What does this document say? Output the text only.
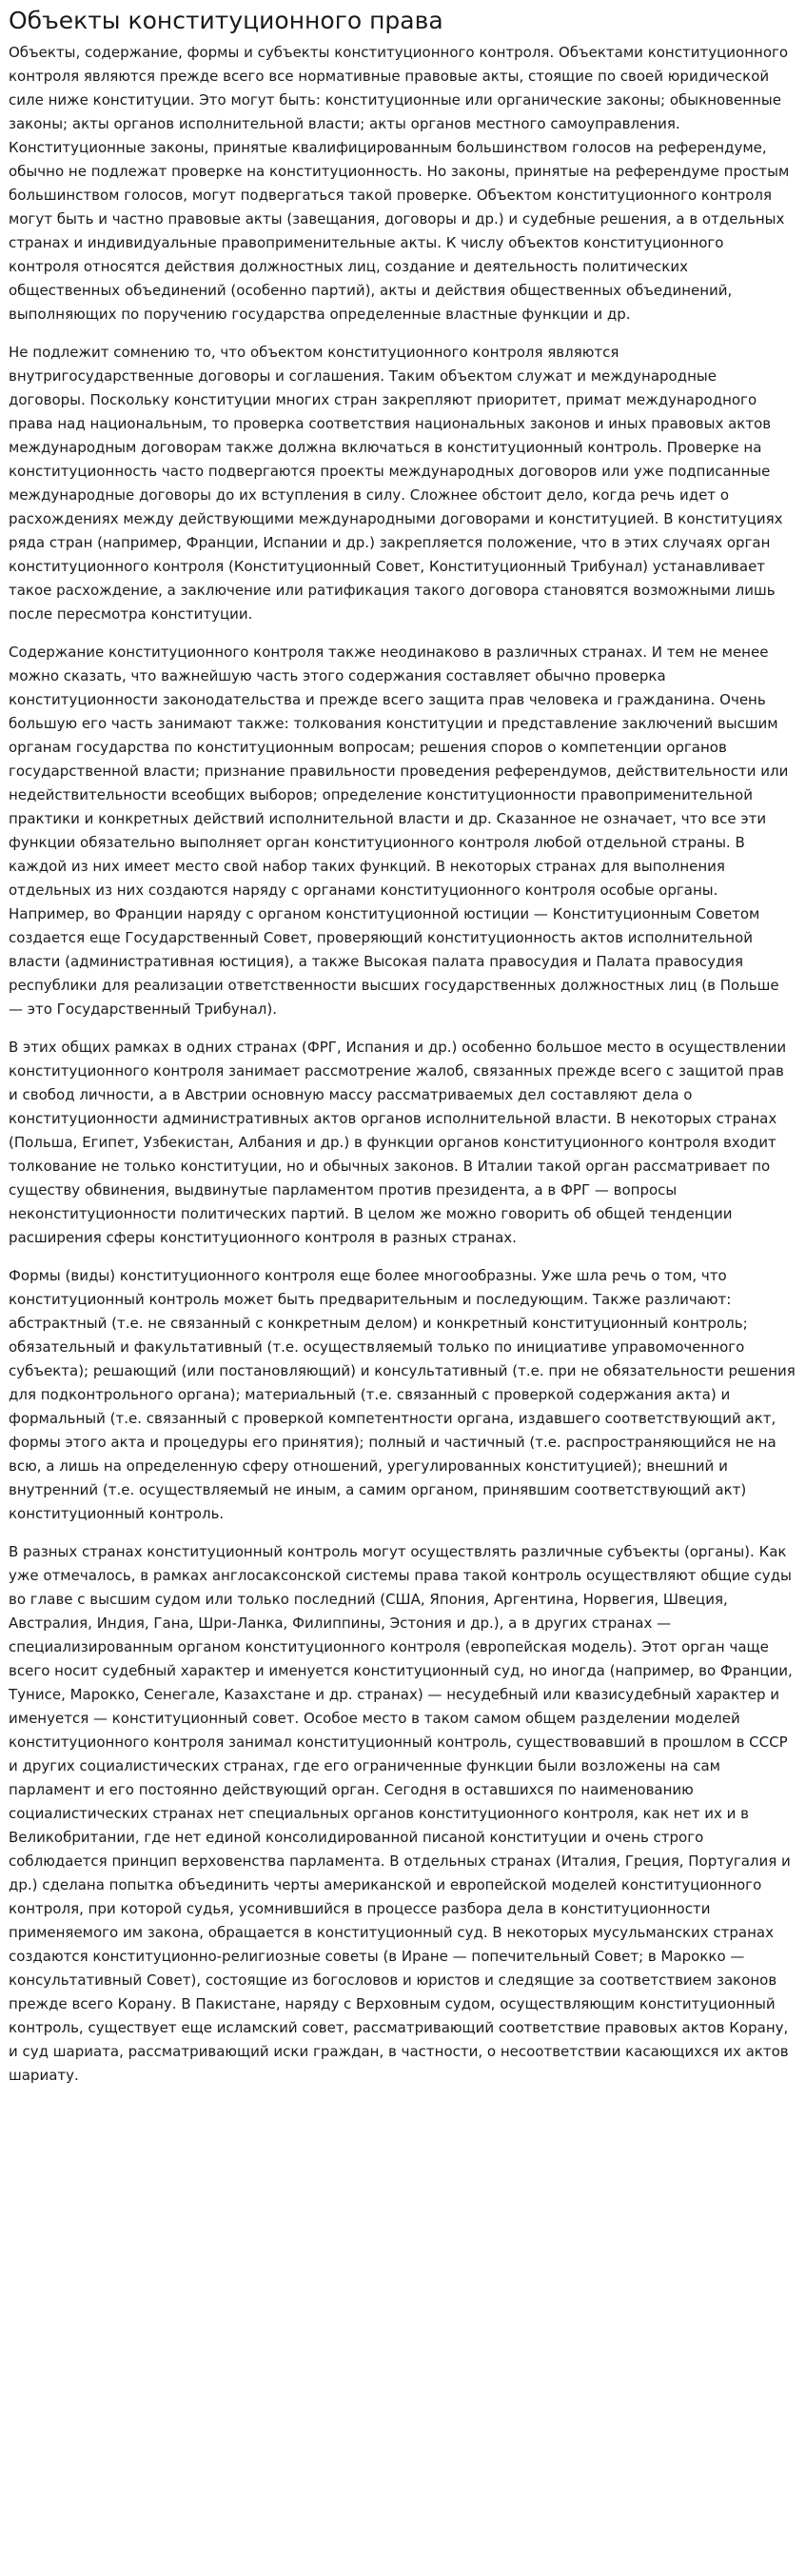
Объекты конституционного права

Объекты, содержание, формы и субъекты конституционного контроля. Объектами конституционного контроля являются прежде всего все нормативные правовые акты, стоящие по своей юридической силе ниже конституции. Это могут быть: конституционные или органические законы; обыкновенные законы; акты органов исполнительной власти; акты органов местного самоуправления. Конституционные законы, принятые квалифицированным большинством голосов на референдуме, обычно не подлежат проверке на конституционность. Но законы, принятые на референдуме простым большинством голосов, могут подвергаться такой проверке. Объектом конституционного контроля могут быть и частно правовые акты (завещания, договоры и др.) и судебные решения, а в отдельных странах и индивидуальные правоприменительные акты. К числу объектов конституционного контроля относятся действия должностных лиц, создание и деятельность политических общественных объединений (особенно партий), акты и действия общественных объединений, выполняющих по поручению государства определенные властные функции и др.

Не подлежит сомнению то, что объектом конституционного контроля являются внутригосударственные договоры и соглашения. Таким объектом служат и международные договоры. Поскольку конституции многих стран закрепляют приоритет, примат международного права над национальным, то проверка соответствия национальных законов и иных правовых актов международным договорам также должна включаться в конституционный контроль. Проверке на конституционность часто подвергаются проекты международных договоров или уже подписанные международные договоры до их вступления в силу. Сложнее обстоит дело, когда речь идет о расхождениях между действующими международными договорами и конституцией. В конституциях ряда стран (например, Франции, Испании и др.) закрепляется положение, что в этих случаях орган конституционного контроля (Конституционный Совет, Конституционный Трибунал) устанавливает такое расхождение, а заключение или ратификация такого договора становятся возможными лишь после пересмотра конституции.

Содержание конституционного контроля также неодинаково в различных странах. И тем не менее можно сказать, что важнейшую часть этого содержания составляет обычно проверка конституционности законодательства и прежде всего защита прав человека и гражданина. Очень большую его часть занимают также: толкования конституции и представление заключений высшим органам государства по конституционным вопросам; решения споров о компетенции органов государственной власти; признание правильности проведения референдумов, действительности или недействительности всеобщих выборов; определение конституционности правоприменительной практики и конкретных действий исполнительной власти и др. Сказанное не означает, что все эти функции обязательно выполняет орган конституционного контроля любой отдельной страны. В каждой из них имеет место свой набор таких функций. В некоторых странах для выполнения отдельных из них создаются наряду с органами конституционного контроля особые органы. Например, во Франции наряду с органом конституционной юстиции — Конституционным Советом создается еще Государственный Совет, проверяющий конституционность актов исполнительной власти (административная юстиция), а также Высокая палата правосудия и Палата правосудия республики для реализации ответственности высших государственных должностных лиц (в Польше — это Государственный Трибунал).

В этих общих рамках в одних странах (ФРГ, Испания и др.) особенно большое место в осуществлении конституционного контроля занимает рассмотрение жалоб, связанных прежде всего с защитой прав и свобод личности, а в Австрии основную массу рассматриваемых дел составляют дела о конституционности административных актов органов исполнительной власти. В некоторых странах (Польша, Египет, Узбекистан, Албания и др.) в функции органов конституционного контроля входит толкование не только конституции, но и обычных законов. В Италии такой орган рассматривает по существу обвинения, выдвинутые парламентом против президента, а в ФРГ — вопросы неконституционности политических партий. В целом же можно говорить об общей тенденции расширения сферы конституционного контроля в разных странах.

Формы (виды) конституционного контроля еще более многообразны. Уже шла речь о том, что конституционный контроль может быть предварительным и последующим. Также различают: абстрактный (т.е. не связанный с конкретным делом) и конкретный конституционный контроль; обязательный и факультативный (т.е. осуществляемый только по инициативе управомоченного субъекта); решающий (или постановляющий) и консультативный (т.е. при не обязательности решения для подконтрольного органа); материальный (т.е. связанный с проверкой содержания акта) и формальный (т.е. связанный с проверкой компетентности органа, издавшего соответствующий акт, формы этого акта и процедуры его принятия); полный и частичный (т.е. распространяющийся не на всю, а лишь на определенную сферу отношений, урегулированных конституцией); внешний и внутренний (т.е. осуществляемый не иным, а самим органом, принявшим соответствующий акт) конституционный контроль.

В разных странах конституционный контроль могут осуществлять различные субъекты (органы). Как уже отмечалось, в рамках англосаксонской системы права такой контроль осуществляют общие суды во главе с высшим судом или только последний (США, Япония, Аргентина, Норвегия, Швеция, Австралия, Индия, Гана, Шри-Ланка, Филиппины, Эстония и др.), а в других странах — специализированным органом конституционного контроля (европейская модель). Этот орган чаще всего носит судебный характер и именуется конституционный суд, но иногда (например, во Франции, Тунисе, Марокко, Сенегале, Казахстане и др. странах) — несудебный или квазисудебный характер и именуется — конституционный совет. Особое место в таком самом общем разделении моделей конституционного контроля занимал конституционный контроль, существовавший в прошлом в СССР и других социалистических странах, где его ограниченные функции были возложены на сам парламент и его постоянно действующий орган. Сегодня в оставшихся по наименованию социалистических странах нет специальных органов конституционного контроля, как нет их и в Великобритании, где нет единой консолидированной писаной конституции и очень строго соблюдается принцип верховенства парламента. В отдельных странах (Италия, Греция, Португалия и др.) сделана попытка объединить черты американской и европейской моделей конституционного контроля, при которой судья, усомнившийся в процессе разбора дела в конституционности применяемого им закона, обращается в конституционный суд. В некоторых мусульманских странах создаются конституционно-религиозные советы (в Иране — попечительный Совет; в Марокко — консультативный Совет), состоящие из богословов и юристов и следящие за соответствием законов прежде всего Корану. В Пакистане, наряду с Верховным судом, осуществляющим конституционный контроль, существует еще исламский совет, рассматривающий соответствие правовых актов Корану, и суд шариата, рассматривающий иски граждан, в частности, о несоответствии касающихся их актов шариату.
